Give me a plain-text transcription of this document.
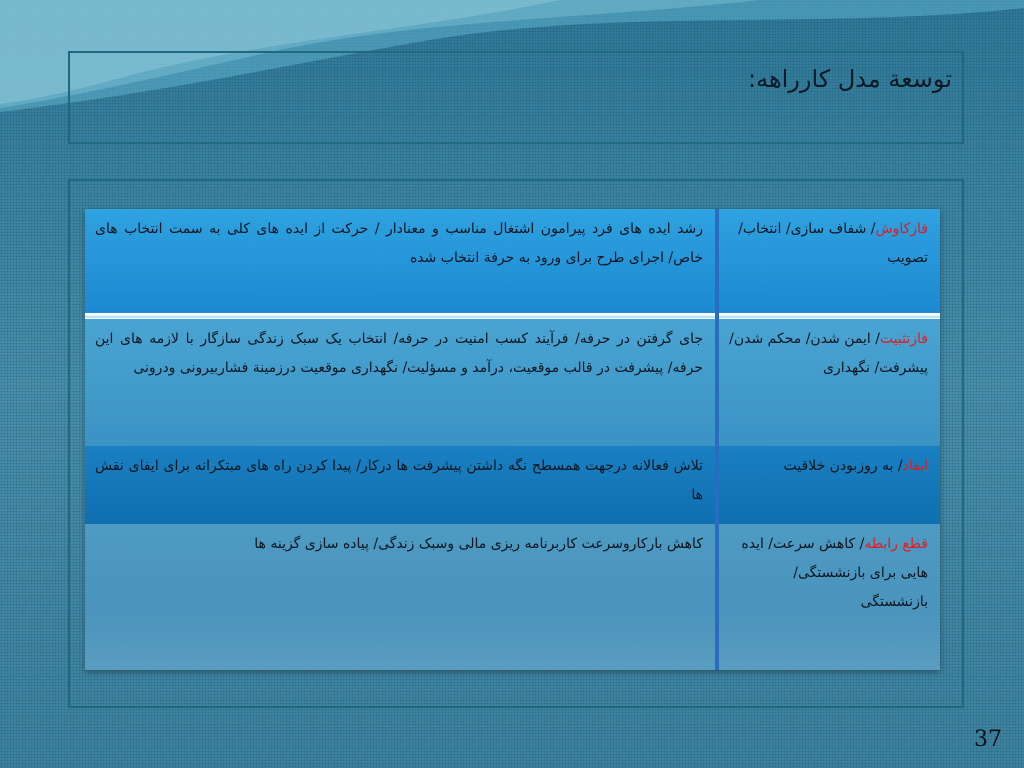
توسعة مدل کارراهه:
فازکاوش/ شفاف سازی/ انتخاب/ تصویب
رشد ایده های فرد پیرامون اشتغال مناسب و معنادار / حرکت از ایده های کلی به سمت انتخاب های خاص/ اجرای طرح برای ورود به حرفة انتخاب شده
فازتثبیت/ ایمن شدن/ محکم شدن/ پیشرفت/ نگهداری
جای گرفتن در حرفه/ فرآیند کسب امنیت در حرفه/ انتخاب یک سبک زندگی سازگار با لازمه های این حرفه/ پیشرفت در قالب موقعیت، درآمد و مسؤلیت/ نگهداری موقعیت درزمینة فشاربیرونی ودرونی
ابقاد/ به روزبودن خلاقیت
تلاش فعالانه درجهت همسطح نگه داشتن پیشرفت ها درکار/ پیدا کردن راه های مبتکرانه برای ایفای نقش ها
قطع رابطه/ کاهش سرعت/ ایده هایی برای بازنشستگی/ بازنشستگی
کاهش بارکاروسرعت کاربرنامه ریزی مالی وسبک زندگی/ پیاده سازی گزینه ها
37
